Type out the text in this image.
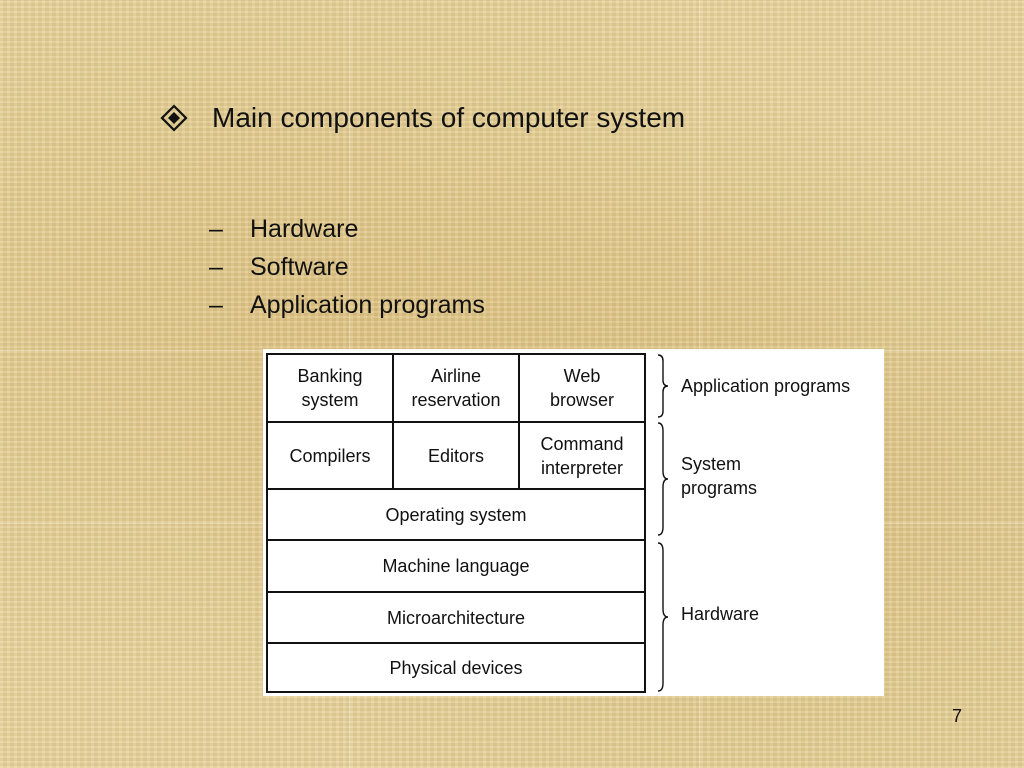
Main components of computer system
– Hardware
– Software
– Application programs
Banking
system
Airline
reservation
Web
browser
Compilers	Editors
Command
interpreter
Operating system
Machine language
Microarchitecture
Physical devices
Application programs
System
programs
Hardware
7
